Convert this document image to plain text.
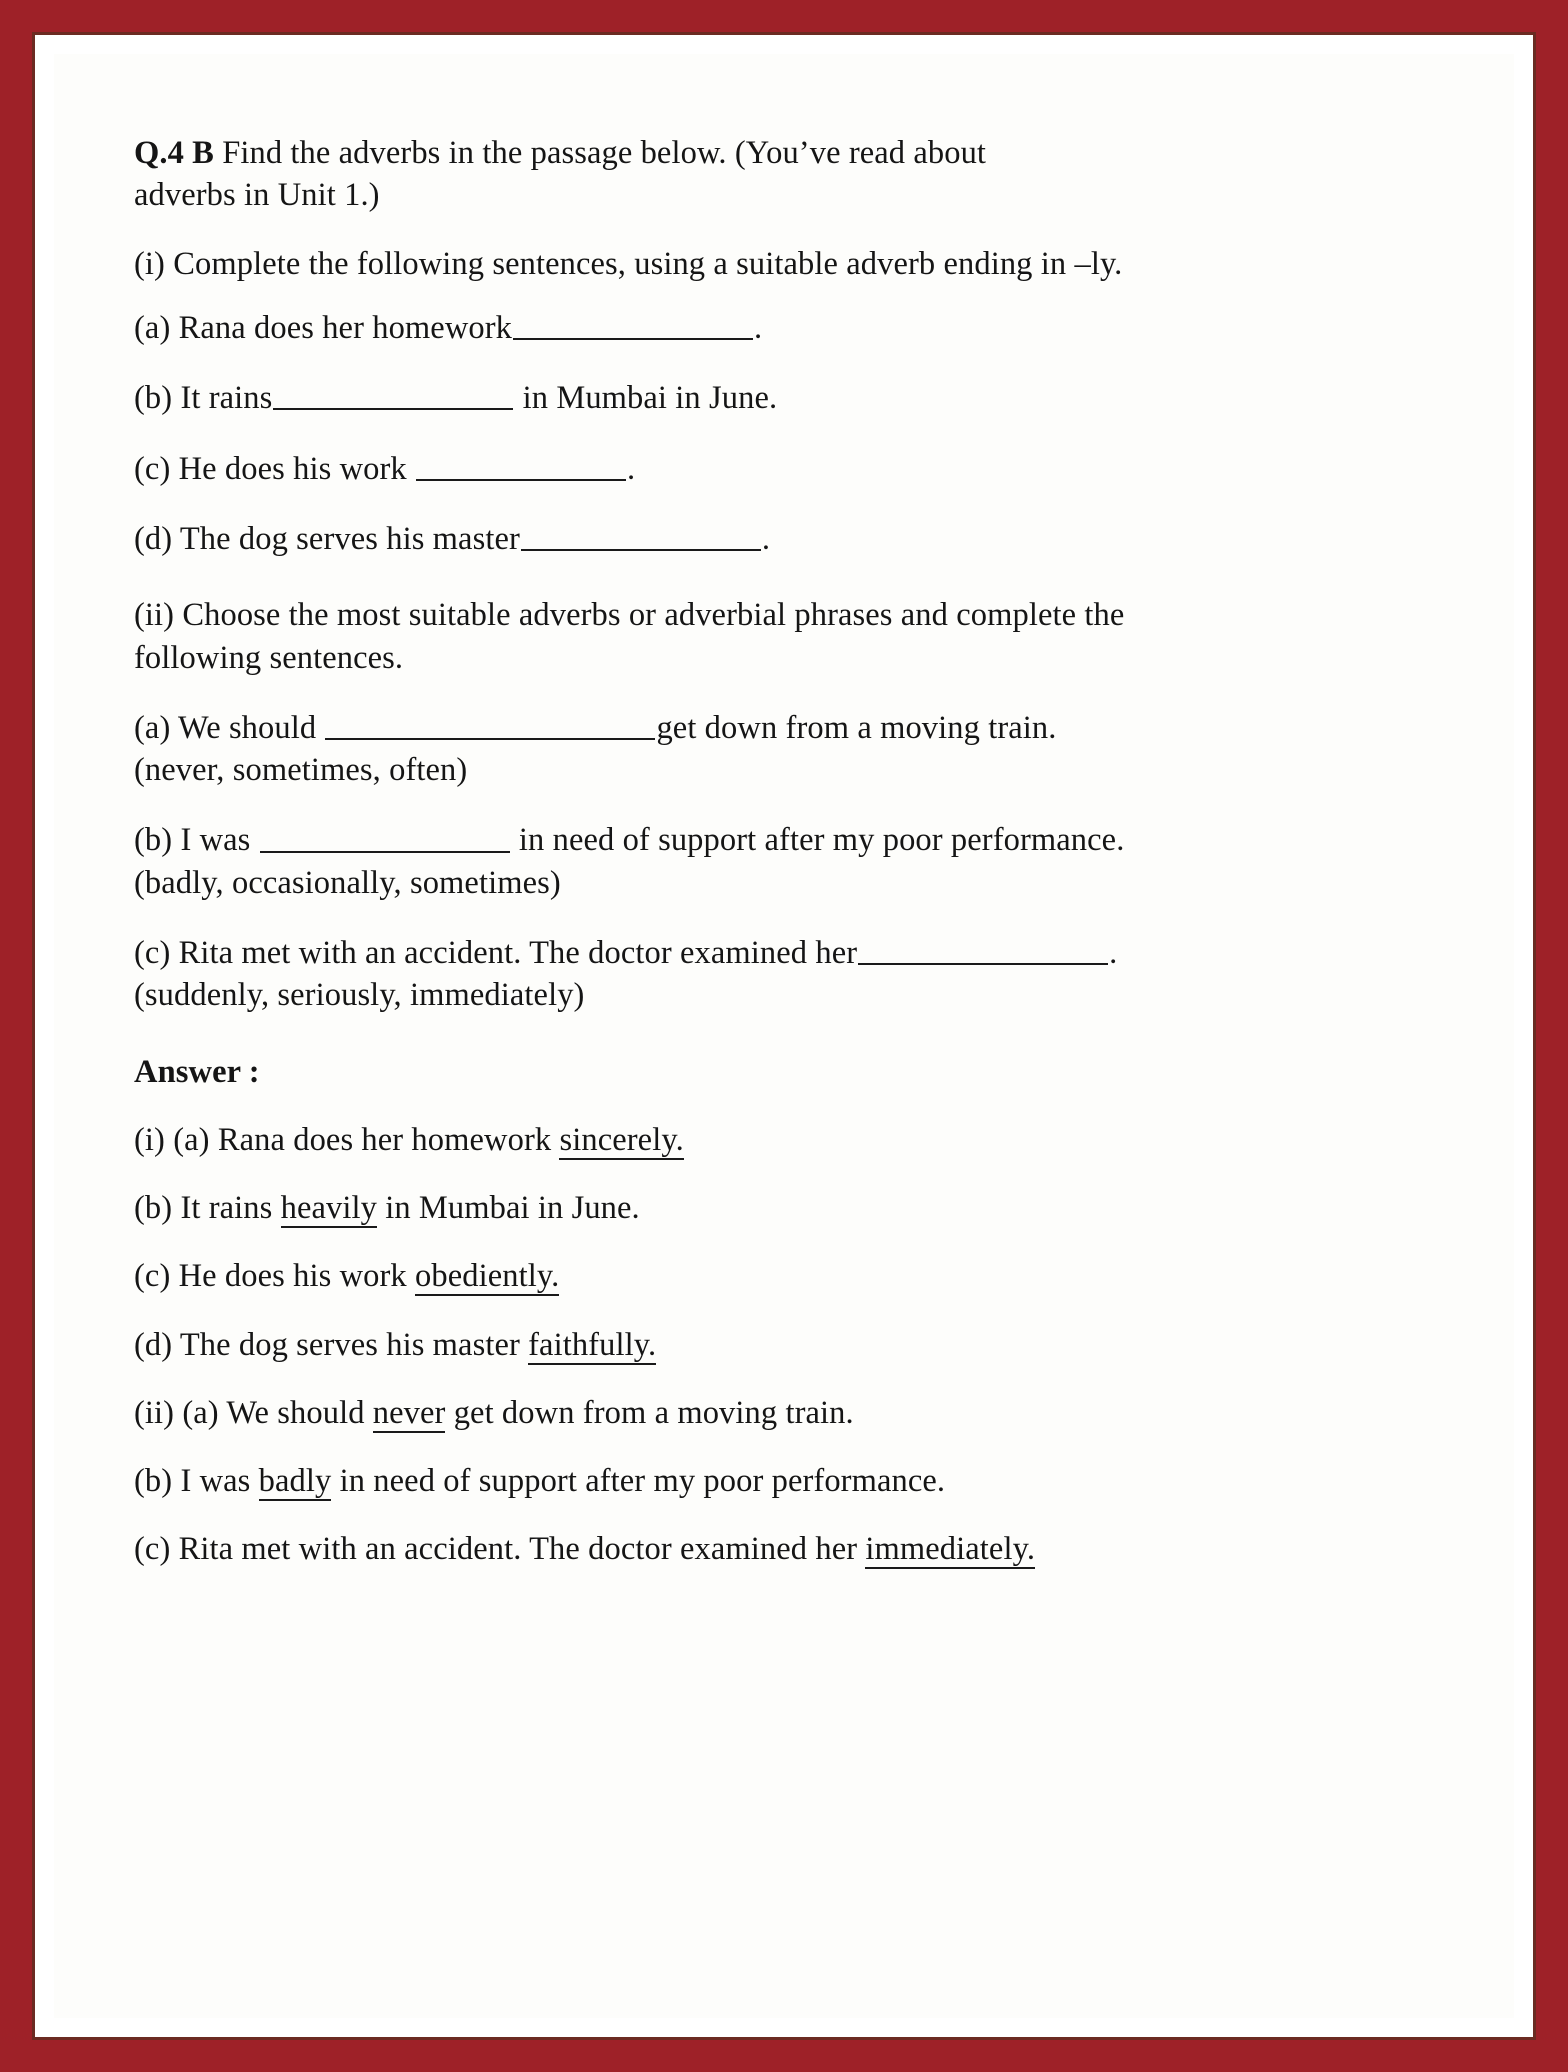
Q.4 B Find the adverbs in the passage below. (You’ve read about
adverbs in Unit 1.)

(i) Complete the following sentences, using a suitable adverb ending in –ly.

(a) Rana does her homework	.

(b) It rains	in Mumbai in June.

(c) He does his work	.

(d) The dog serves his master	.

(ii) Choose the most suitable adverbs or adverbial phrases and complete the following sentences.

(a) We should	get down from a moving train.
(never, sometimes, often)

(b) I was	in need of support after my poor performance. (badly, occasionally, sometimes)

(c) Rita met with an accident. The doctor examined her	.(suddenly, seriously, immediately)

Answer :

(i) (a) Rana does her homework sincerely.

(b) It rains heavily in Mumbai in June.

(c) He does his work obediently.

(d) The dog serves his master faithfully.

(ii) (a) We should never get down from a moving train.

(b) I was badly in need of support after my poor performance.

(c) Rita met with an accident. The doctor examined her immediately.
